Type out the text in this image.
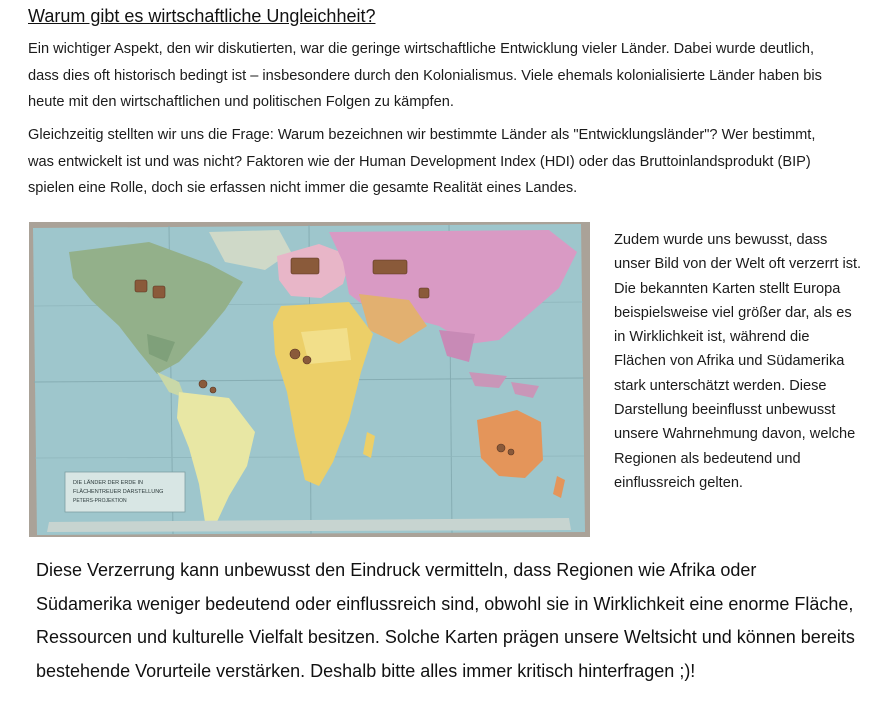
Warum gibt es wirtschaftliche Ungleichheit?
Ein wichtiger Aspekt, den wir diskutierten, war die geringe wirtschaftliche Entwicklung vieler Länder. Dabei wurde deutlich, dass dies oft historisch bedingt ist – insbesondere durch den Kolonialismus. Viele ehemals kolonialisierte Länder haben bis heute mit den wirtschaftlichen und politischen Folgen zu kämpfen.
Gleichzeitig stellten wir uns die Frage: Warum bezeichnen wir bestimmte Länder als "Entwicklungsländer"? Wer bestimmt, was entwickelt ist und was nicht? Faktoren wie der Human Development Index (HDI) oder das Bruttoinlandsprodukt (BIP) spielen eine Rolle, doch sie erfassen nicht immer die gesamte Realität eines Landes.
DIE LÄNDER DER ERDE IN
FLÄCHENTREUER DARSTELLUNG
PETERS-PROJEKTION
Zudem wurde uns bewusst, dass unser Bild von der Welt oft verzerrt ist. Die bekannten Karten stellt Europa beispielsweise viel größer dar, als es in Wirklichkeit ist, während die Flächen von Afrika und Südamerika stark unterschätzt werden. Diese Darstellung beeinflusst unbewusst unsere Wahrnehmung davon, welche Regionen als bedeutend und einflussreich gelten.
Diese Verzerrung kann unbewusst den Eindruck vermitteln, dass Regionen wie Afrika oder Südamerika weniger bedeutend oder einflussreich sind, obwohl sie in Wirklichkeit eine enorme Fläche, Ressourcen und kulturelle Vielfalt besitzen. Solche Karten prägen unsere Weltsicht und können bereits bestehende Vorurteile verstärken. Deshalb bitte alles immer kritisch hinterfragen ;)!
